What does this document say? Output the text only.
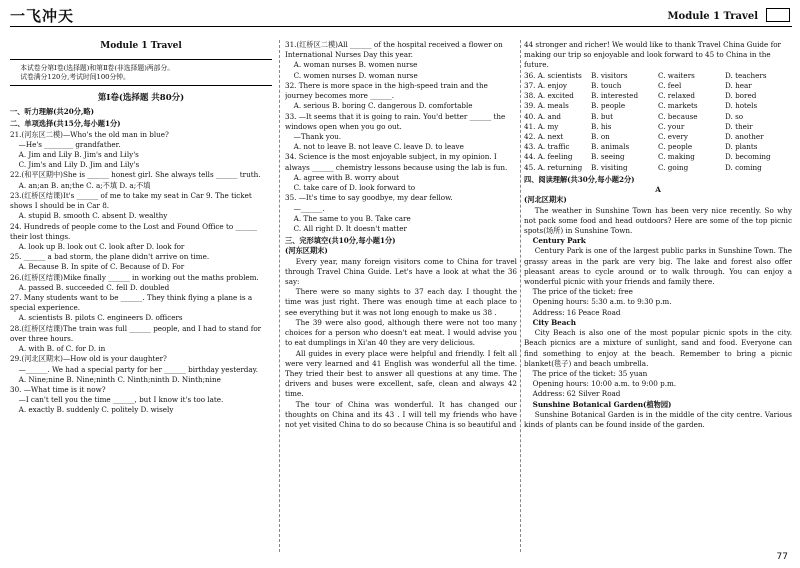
一飞冲天	Module 1 Travel
Module 1 Travel
本试卷分第Ⅰ卷(选择题)和第Ⅱ卷(非选择题)两部分。
试卷满分120分,考试时间100分钟。
第Ⅰ卷(选择题 共80分)

一、听力理解(共20分,略)

二、单项选择(共15分,每小题1分)

21.(河东区二模)—Who's the old man in blue?

—He's ________ grandfather.

A. Jim and Lily B. Jim's and Lily's

C. Jim's and Lily D. Jim and Lily's

22.(和平区期中)She is ______ honest girl. She always tells ______ truth.

A. an;an B. an;the C. a;不填 D. a;不填

23.(红桥区结课)It's ______ of me to take my seat in Car 9. The ticket shows I should be in Car 8.

A. stupid B. smooth C. absent D. wealthy

24. Hundreds of people come to the Lost and Found Office to ______ their lost things.

A. look up B. look out C. look after D. look for

25. ______ a bad storm, the plane didn't arrive on time.

A. Because B. In spite of C. Because of D. For

26.(红桥区结课)Mike finally ______ in working out the maths problem.

A. passed B. succeeded C. fell D. doubled

27. Many students want to be ______. They think flying a plane is a special experience.

A. scientists B. pilots C. engineers D. officers

28.(红桥区结课)The train was full ______ people, and I had to stand for over three hours.

A. with B. of C. for D. in

29.(河北区期末)—How old is your daughter?

—______. We had a special party for her ______ birthday yesterday.

A. Nine;nine B. Nine;ninth C. Ninth;ninth D. Ninth;nine

30. —What time is it now?

—I can't tell you the time ______, but I know it's too late.

A. exactly B. suddenly C. politely D. wisely

31.(红桥区二模)All ______ of the hospital received a flower on International Nurses Day this year.

A. woman nurses B. women nurse

C. women nurses D. woman nurse

32. There is more space in the high-speed train and the journey becomes more ______.

A. serious B. boring C. dangerous D. comfortable

33. —It seems that it is going to rain. You'd better ______ the windows open when you go out.

—Thank you.

A. not to leave B. not leave C. leave D. to leave

34. Science is the most enjoyable subject, in my opinion. I always ______ chemistry lessons because using the lab is fun.

A. agree with B. worry about

C. take care of D. look forward to

35. —It's time to say goodbye, my dear fellow.

—______.

A. The same to you B. Take care

C. All right D. It doesn't matter

三、完形填空(共10分,每小题1分)

(河东区期末)

Every year, many foreign visitors come to China for travel through Travel China Guide. Let's have a look at what the 36 say:

There were so many sights to 37 each day. I thought the time was just right. There was enough time at each place to see everything but it was not long enough to make us 38 .

The 39 were also good, although there were not too many choices for a person who doesn't eat meat. I would advise you to eat dumplings in Xi'an 40 they are very delicious.

All guides in every place were helpful and friendly. I felt all were very learned and 41 English was wonderful all the time. They tried their best to answer all questions at any time. The drivers and buses were excellent, safe, clean and always 42 time.

The tour of China was wonderful. It has changed our thoughts on China and its 43 . I will tell my friends who have not yet visited China to do so because China is so beautiful and

44 stronger and richer! We would like to thank Travel China Guide for making our trip so enjoyable and look forward to 45 to China in the future.

36. A. scientists	B. visitors	C. waiters	D. teachers
37. A. enjoy	B. touch	C. feel	D. hear
38. A. excited	B. interested	C. relaxed	D. bored
39. A. meals	B. people	C. markets	D. hotels
40. A. and	B. but	C. because	D. so
41. A. my	B. his	C. your	D. their
42. A. next	B. on	C. every	D. another
43. A. traffic	B. animals	C. people	D. plants
44. A. feeling	B. seeing	C. making	D. becoming
45. A. returning	B. visiting	C. going	D. coming
四、阅读理解(共30分,每小题2分)
A
(河北区期末)

The weather in Sunshine Town has been very nice recently. So why not pack some food and head outdoors? Here are some of the top picnic spots(场所) in Sunshine Town.

Century Park

Century Park is one of the largest public parks in Sunshine Town. The grassy areas in the park are very big. The lake and forest also offer pleasant areas to cycle around or to walk through. You can enjoy a wonderful picnic with your friends and family there.

The price of the ticket: free

Opening hours: 5:30 a.m. to 9:30 p.m.

Address: 16 Peace Road

City Beach

City Beach is also one of the most popular picnic spots in the city. Beach picnics are a mixture of sunlight, sand and food. Everyone can find something to enjoy at the beach. Remember to bring a picnic blanket(毯子) and beach umbrella.

The price of the ticket: 35 yuan

Opening hours: 10:00 a.m. to 9:00 p.m.

Address: 62 Silver Road

Sunshine Botanical Garden(植物园)

Sunshine Botanical Garden is in the middle of the city centre. Various kinds of plants can be found inside of the garden.

77
